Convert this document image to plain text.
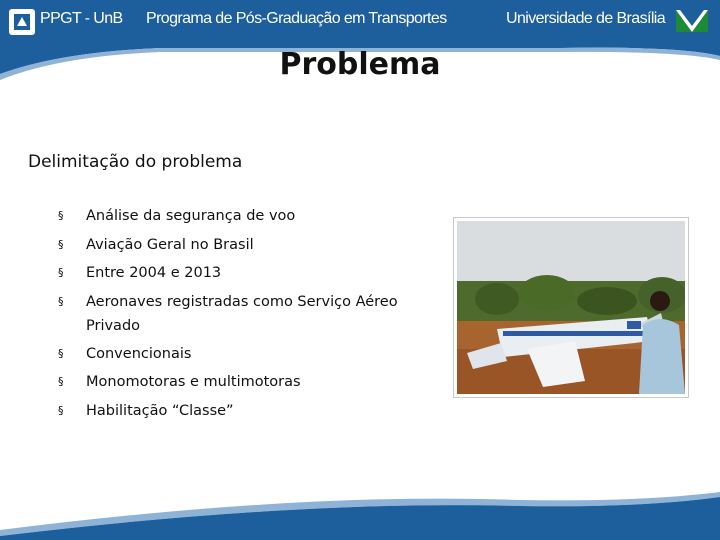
PPGT - UnB Programa de Pós-Graduação em Transportes	Universidade de Brasília
Problema
Delimitação do problema
§	Análise da segurança de voo
§	Aviação Geral no Brasil
§	Entre 2004 e 2013
§	Aeronaves registradas como Serviço Aéreo Privado
§	Convencionais
§	Monomotoras e multimotoras
§	Habilitação “Classe”
